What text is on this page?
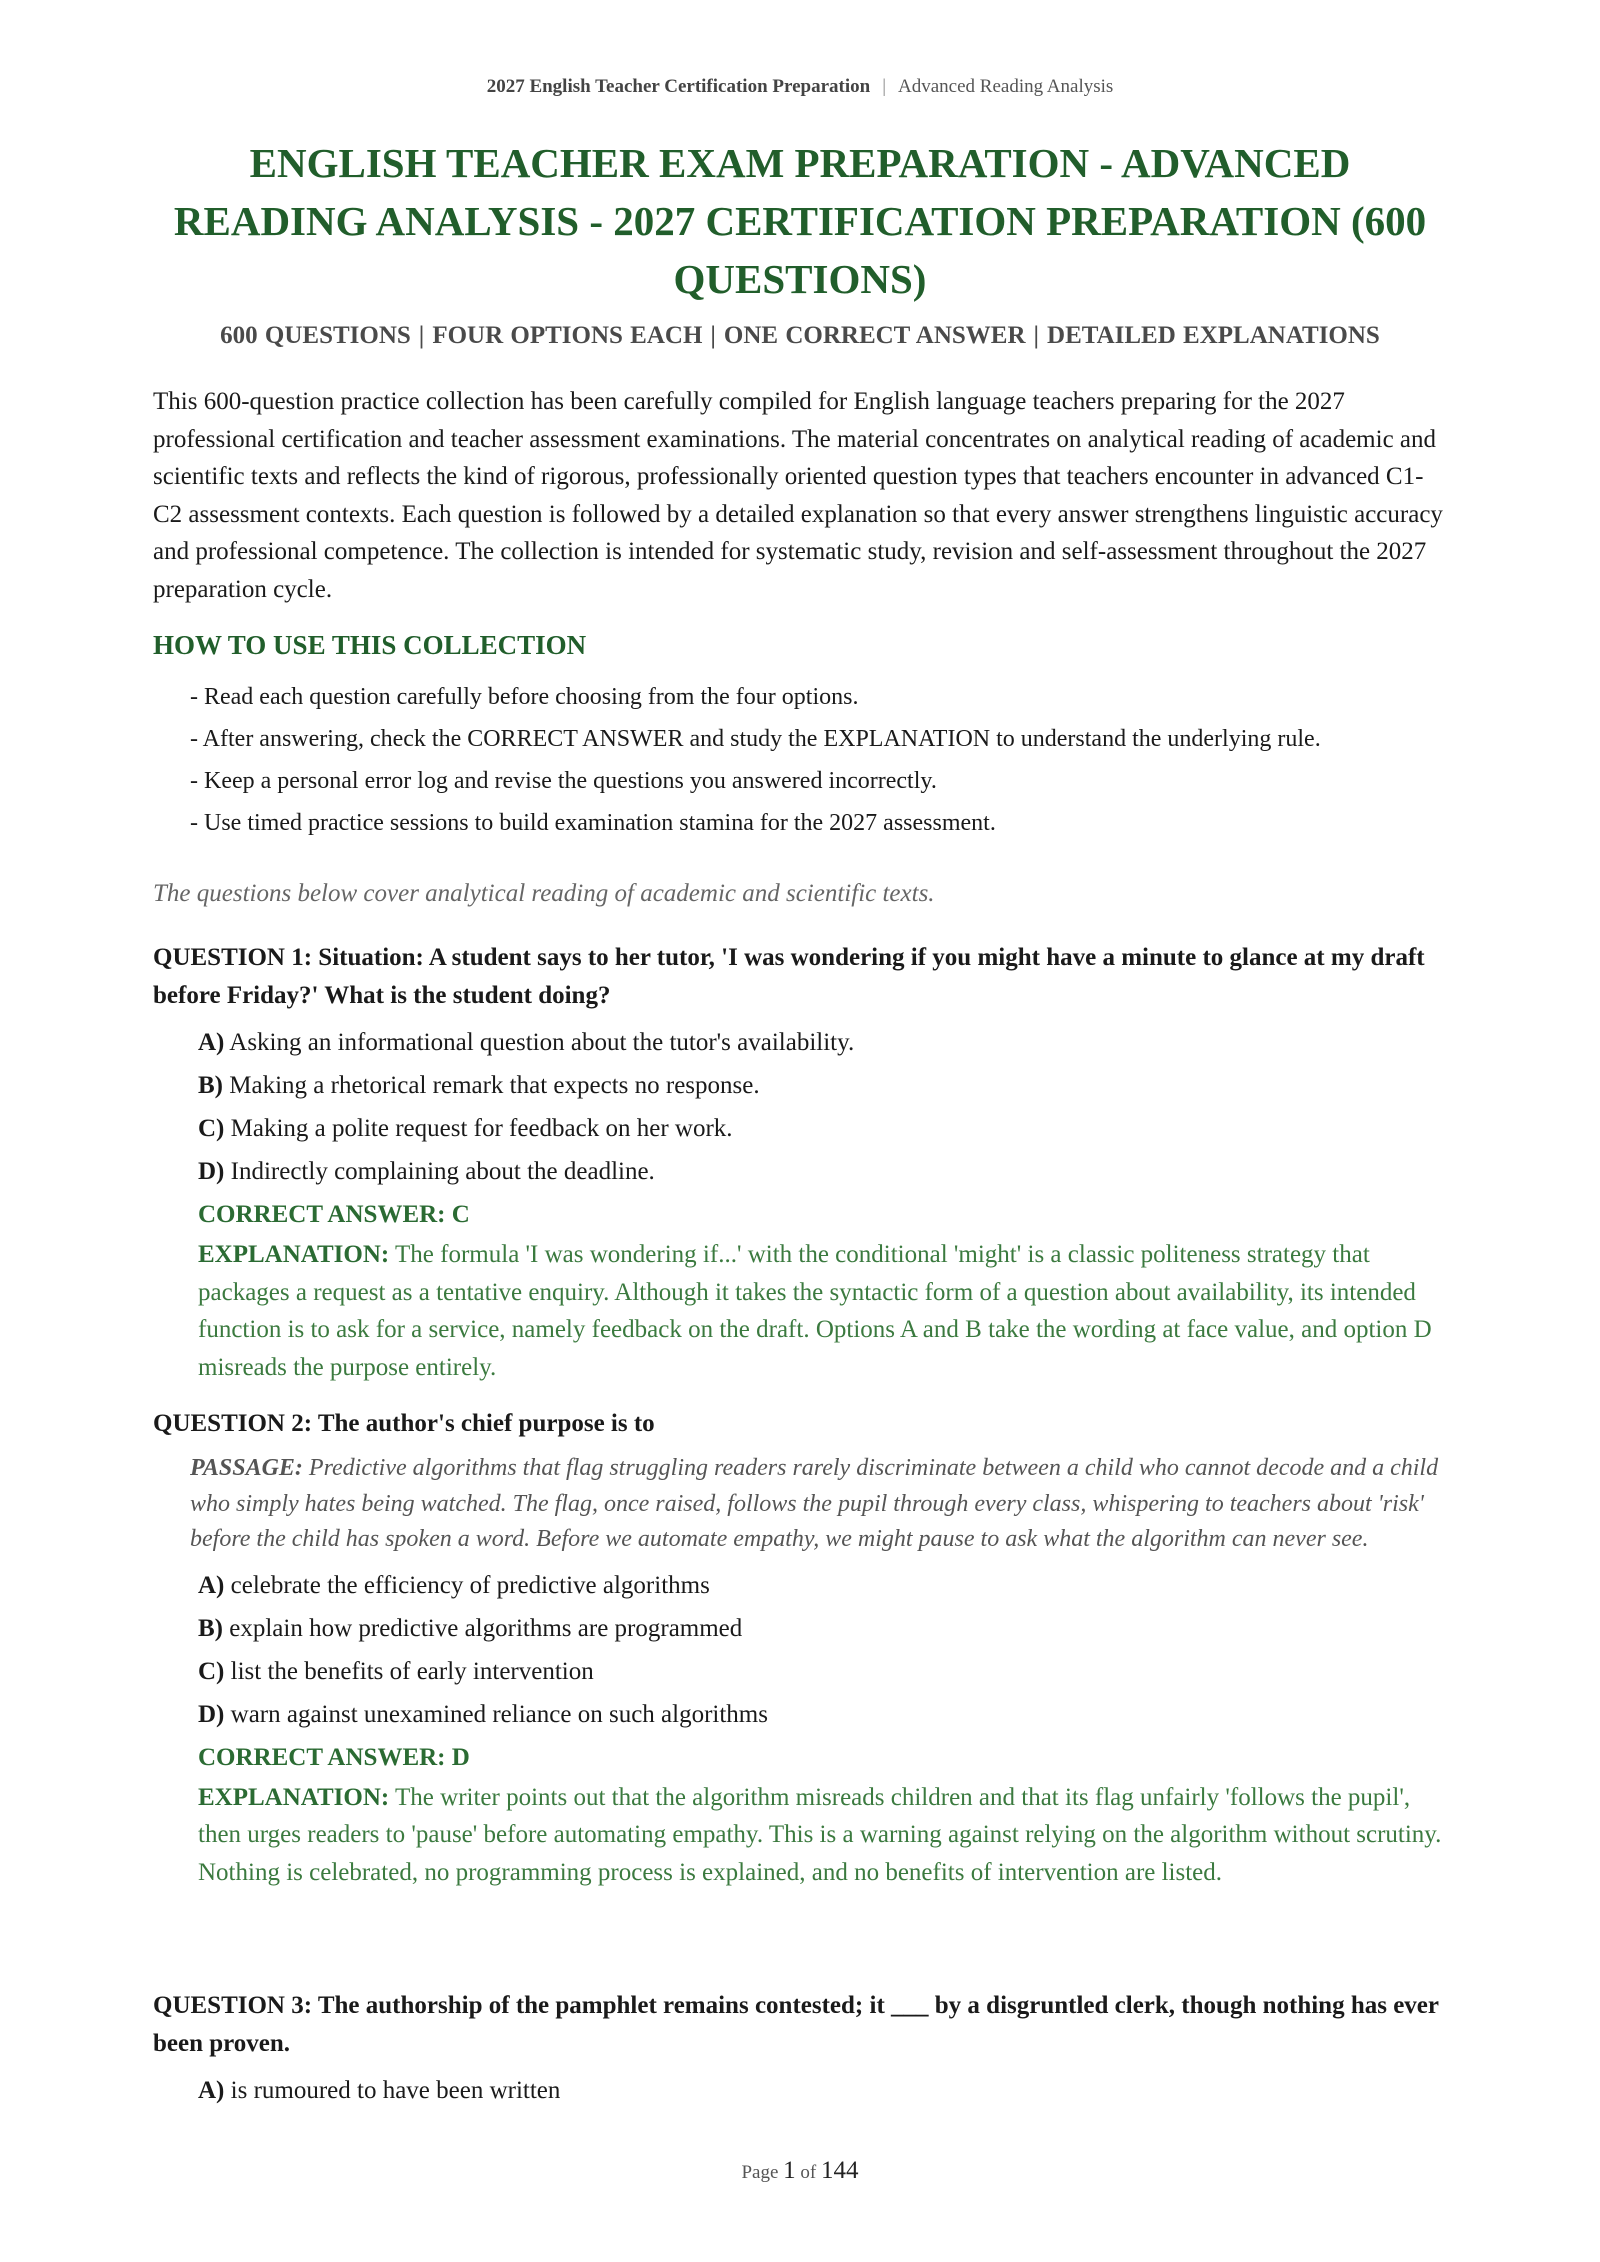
2027 English Teacher Certification Preparation | Advanced Reading Analysis
ENGLISH TEACHER EXAM PREPARATION - ADVANCED READING ANALYSIS - 2027 CERTIFICATION PREPARATION (600 QUESTIONS)
600 QUESTIONS | FOUR OPTIONS EACH | ONE CORRECT ANSWER | DETAILED EXPLANATIONS

This 600-question practice collection has been carefully compiled for English language teachers preparing for the 2027 professional certification and teacher assessment examinations. The material concentrates on analytical reading of academic and scientific texts and reflects the kind of rigorous, professionally oriented question types that teachers encounter in advanced C1-C2 assessment contexts. Each question is followed by a detailed explanation so that every answer strengthens linguistic accuracy and professional competence. The collection is intended for systematic study, revision and self-assessment throughout the 2027 preparation cycle.

HOW TO USE THIS COLLECTION
- Read each question carefully before choosing from the four options.
- After answering, check the CORRECT ANSWER and study the EXPLANATION to understand the underlying rule.
- Keep a personal error log and revise the questions you answered incorrectly.
- Use timed practice sessions to build examination stamina for the 2027 assessment.
The questions below cover analytical reading of academic and scientific texts.

QUESTION 1: Situation: A student says to her tutor, 'I was wondering if you might have a minute to glance at my draft before Friday?' What is the student doing?

A) Asking an informational question about the tutor's availability.
B) Making a rhetorical remark that expects no response.
C) Making a polite request for feedback on her work.
D) Indirectly complaining about the deadline.

CORRECT ANSWER: C

EXPLANATION: The formula 'I was wondering if...' with the conditional 'might' is a classic politeness strategy that packages a request as a tentative enquiry. Although it takes the syntactic form of a question about availability, its intended function is to ask for a service, namely feedback on the draft. Options A and B take the wording at face value, and option D misreads the purpose entirely.

QUESTION 2: The author's chief purpose is to

PASSAGE: Predictive algorithms that flag struggling readers rarely discriminate between a child who cannot decode and a child who simply hates being watched. The flag, once raised, follows the pupil through every class, whispering to teachers about 'risk' before the child has spoken a word. Before we automate empathy, we might pause to ask what the algorithm can never see.

A) celebrate the efficiency of predictive algorithms
B) explain how predictive algorithms are programmed
C) list the benefits of early intervention
D) warn against unexamined reliance on such algorithms

CORRECT ANSWER: D

EXPLANATION: The writer points out that the algorithm misreads children and that its flag unfairly 'follows the pupil', then urges readers to 'pause' before automating empathy. This is a warning against relying on the algorithm without scrutiny. Nothing is celebrated, no programming process is explained, and no benefits of intervention are listed.

QUESTION 3: The authorship of the pamphlet remains contested; it ___ by a disgruntled clerk, though nothing has ever been proven.

A) is rumoured to have been written
Page 1 of 144
